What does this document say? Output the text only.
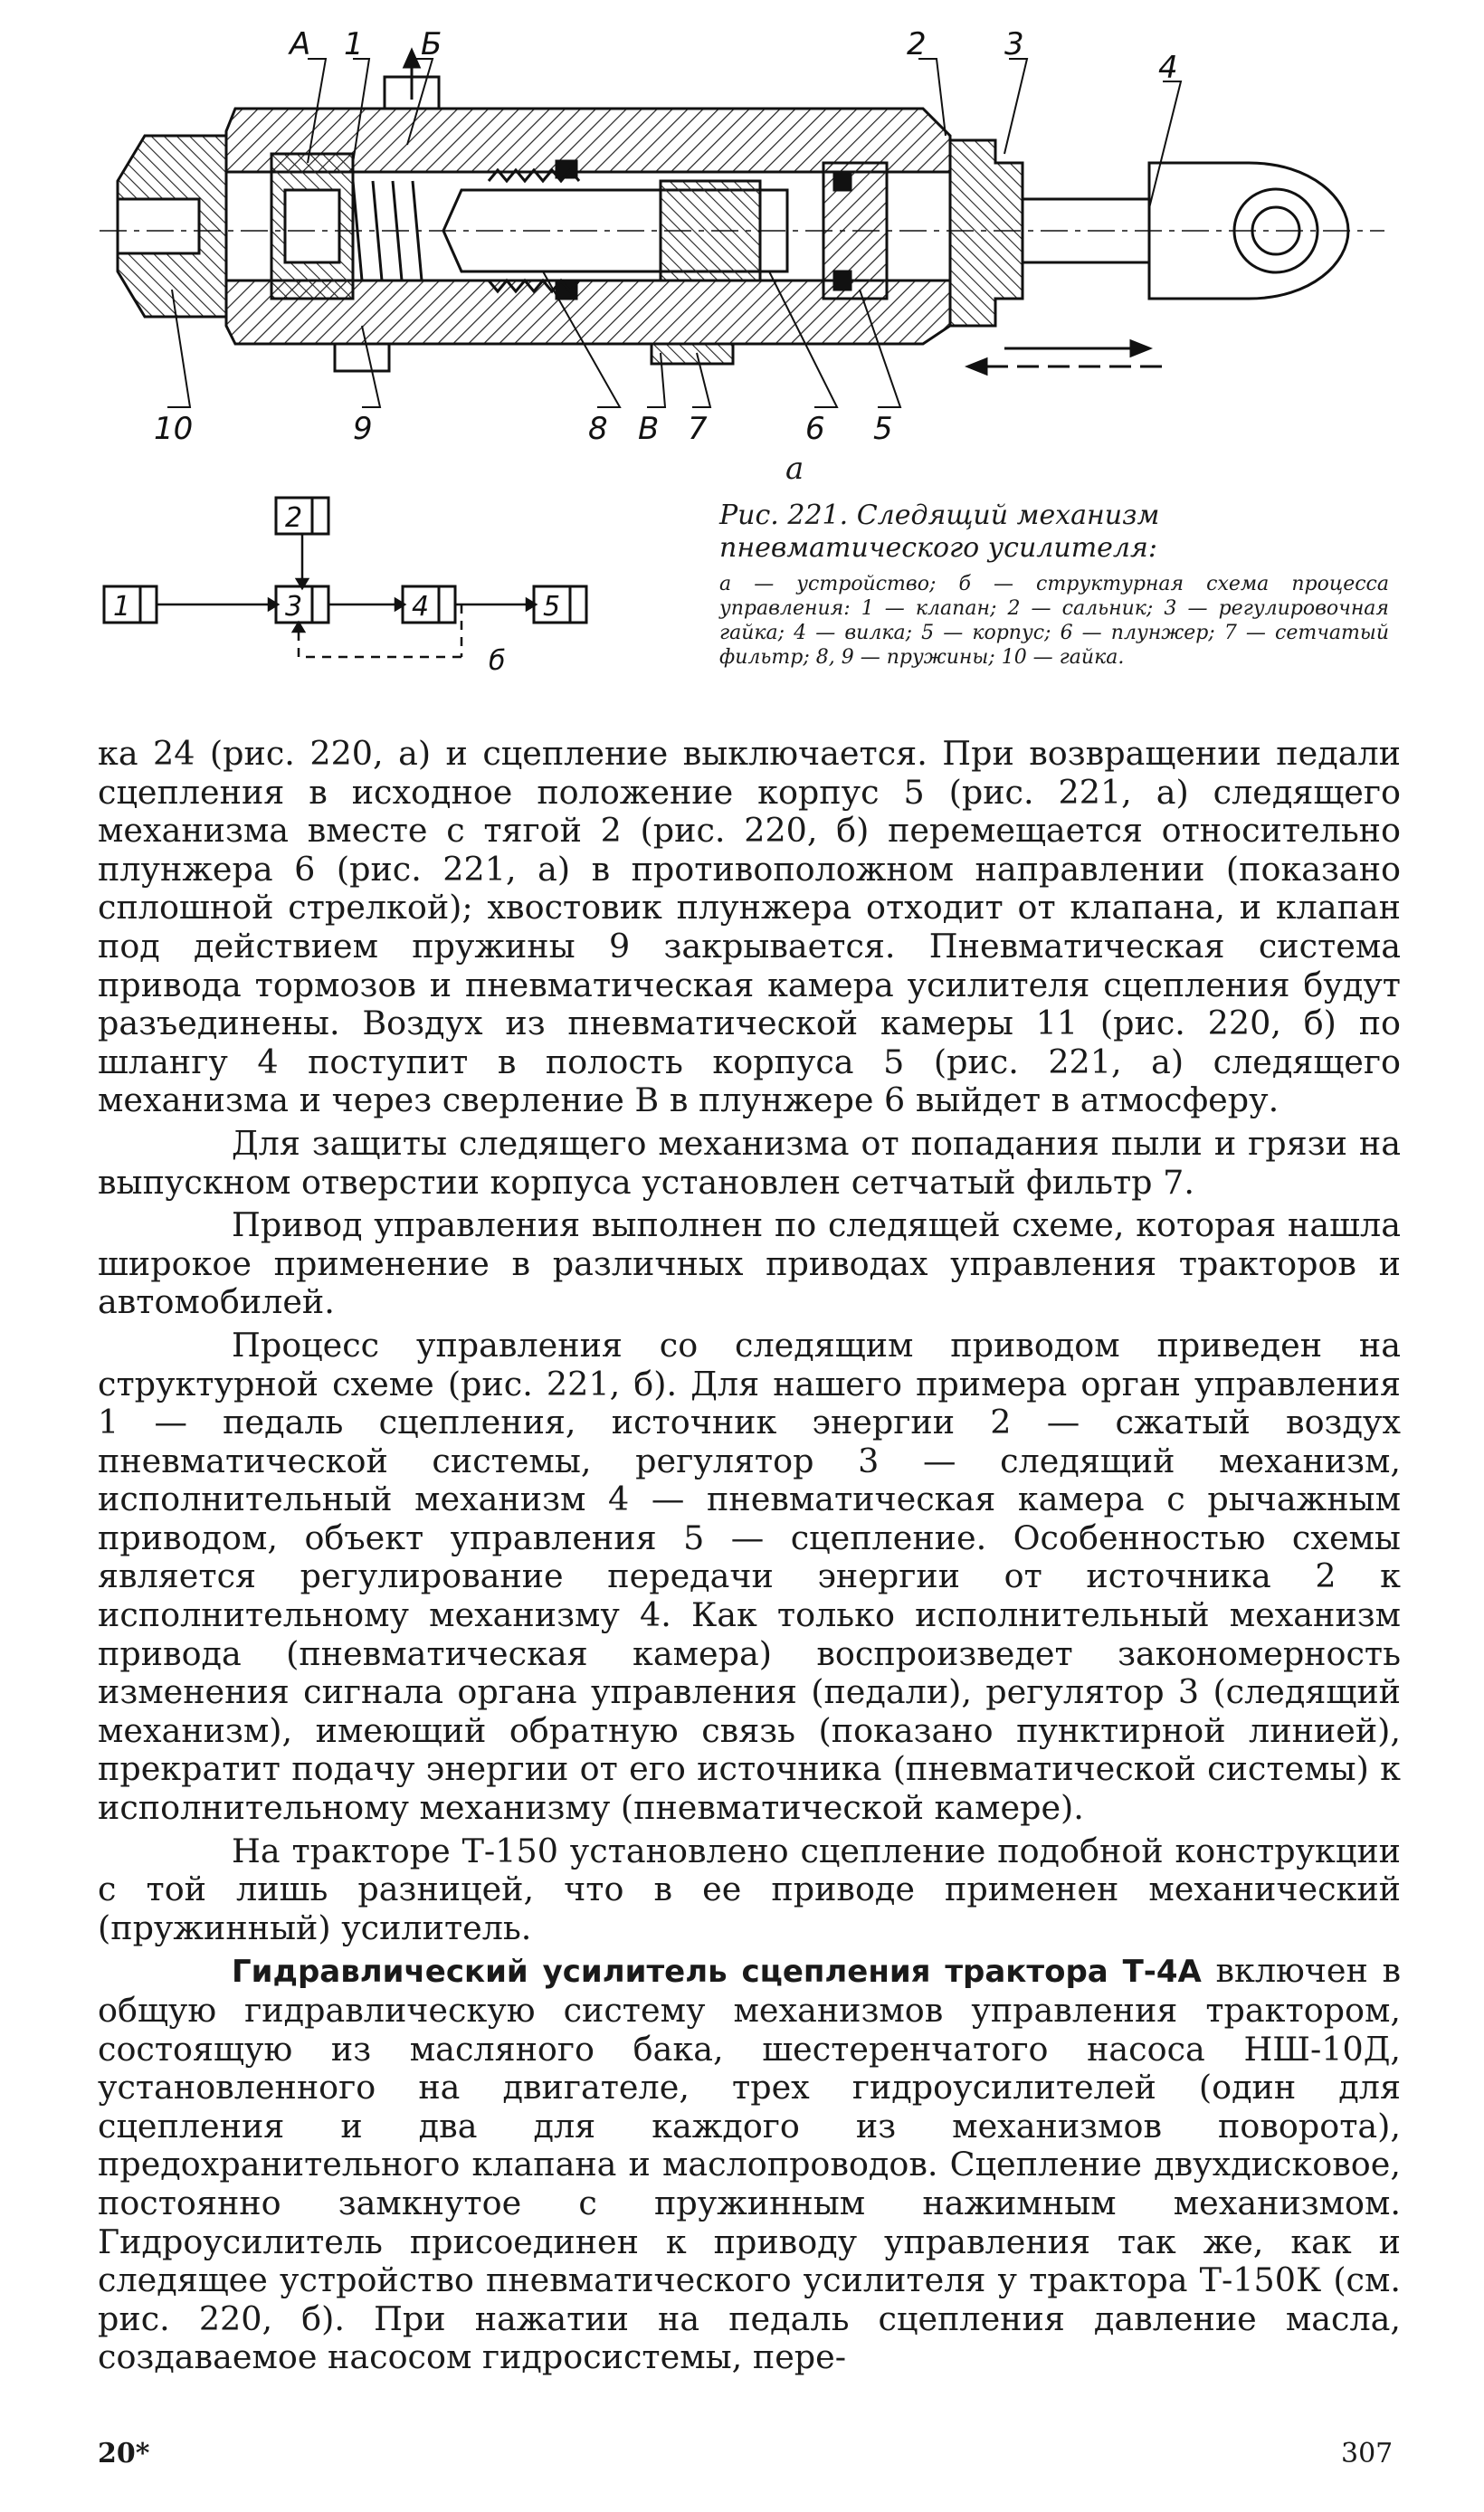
А 1 Б	2	3
4
10	9	8 В 7	6 5
а
1
2
3	4	5
б
Рис. 221. Следящий механизм пневматического усилителя:
а — устройство; б — структурная схема процесса управления: 1 — клапан; 2 — сальник; 3 — регулировочная гайка; 4 — вилка; 5 — корпус; 6 — плунжер; 7 — сетчатый фильтр; 8, 9 — пружины; 10 — гайка.

ка 24 (рис. 220, а) и сцепление выключается. При возвращении педали сцепления в исходное положение корпус 5 (рис. 221, а) следящего механизма вместе с тягой 2 (рис. 220, б) перемещается относительно плунжера 6 (рис. 221, а) в противоположном направлении (показано сплошной стрелкой); хвостовик плунжера отходит от клапана, и клапан под действием пружины 9 закрывается. Пневматическая система привода тормозов и пневматическая камера усилителя сцепления будут разъединены. Воздух из пневматической камеры 11 (рис. 220, б) по шлангу 4 поступит в полость корпуса 5 (рис. 221, а) следящего механизма и через сверление В в плунжере 6 выйдет в атмосферу.

Для защиты следящего механизма от попадания пыли и грязи на выпускном отверстии корпуса установлен сетчатый фильтр 7.

Привод управления выполнен по следящей схеме, которая нашла широкое применение в различных приводах управления тракторов и автомобилей.

Процесс управления со следящим приводом приведен на структурной схеме (рис. 221, б). Для нашего примера орган управления 1 — педаль сцепления, источник энергии 2 — сжатый воздух пневматической системы, регулятор 3 — следящий механизм, исполнительный механизм 4 — пневматическая камера с рычажным приводом, объект управления 5 — сцепление. Особенностью схемы является регулирование передачи энергии от источника 2 к исполнительному механизму 4. Как только исполнительный механизм привода (пневматическая камера) воспроизведет закономерность изменения сигнала органа управления (педали), регулятор 3 (следящий механизм), имеющий обратную связь (показано пунктирной линией), прекратит подачу энергии от его источника (пневматической системы) к исполнительному механизму (пневматической камере).

На тракторе Т-150 установлено сцепление подобной конструкции с той лишь разницей, что в ее приводе применен механический (пружинный) усилитель.

Гидравлический усилитель сцепления трактора Т-4А включен в общую гидравлическую систему механизмов управления трактором, состоящую из масляного бака, шестеренчатого насоса НШ-10Д, установленного на двигателе, трех гидроусилителей (один для сцепления и два для каждого из механизмов поворота), предохранительного клапана и маслопроводов. Сцепление двухдисковое, постоянно замкнутое с пружинным нажимным механизмом. Гидроусилитель присоединен к приводу управления так же, как и следящее устройство пневматического усилителя у трактора Т-150К (см. рис. 220, б). При нажатии на педаль сцепления давление масла, создаваемое насосом гидросистемы, пере-

20*	307
